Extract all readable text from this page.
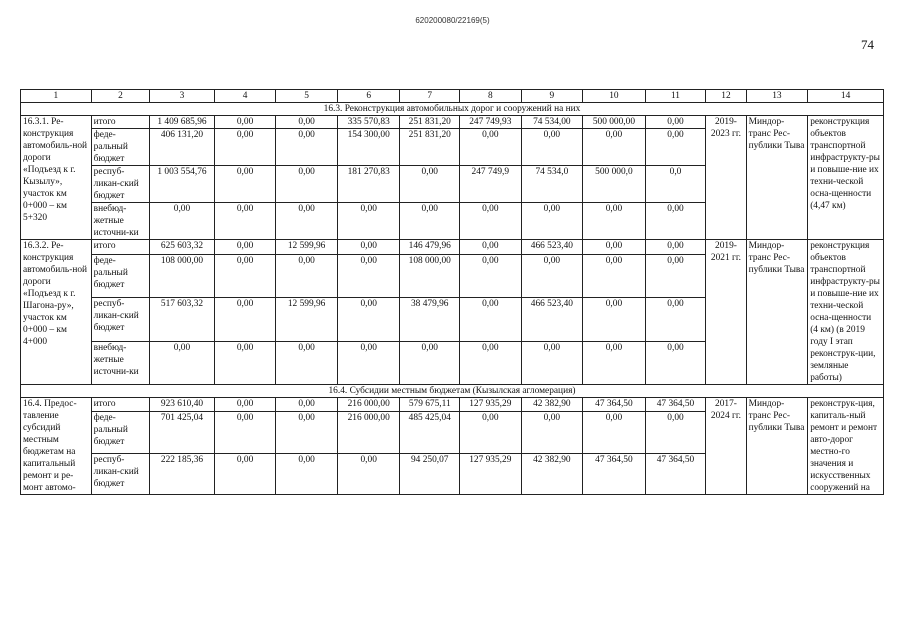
620200080/22169(5)
74
1	2	3	4	5	6	7	8	9	10	11	12	13	14
16.3. Реконструкция автомобильных дорог и сооружений на них													
16.3.1. Ре-конструкция автомобиль-ной дороги «Подъезд к г. Кызылу», участок км 0+000 – км 5+320	итого	1 409 685,96	0,00	0,00	335 570,83	251 831,20	247 749,93	74 534,00	500 000,00	0,00	2019-2023 гг.	Миндор-транс Рес-публики Тыва	реконструкция объектов транспортной инфраструкту-ры и повыше-ние их техни-ческой осна-щенности (4,47 км)
	феде-ральный бюджет	406 131,20	0,00	0,00	154 300,00	251 831,20	0,00	0,00	0,00	0,00			
	респуб-ликан-ский бюджет	1 003 554,76	0,00	0,00	181 270,83	0,00	247 749,9	74 534,0	500 000,0	0,0			
	внебюд-жетные источни-ки	0,00	0,00	0,00	0,00	0,00	0,00	0,00	0,00	0,00			
16.3.2. Ре-конструкция автомобиль-ной дороги «Подъезд к г. Шагона-ру», участок км 0+000 – км 4+000	итого	625 603,32	0,00	12 599,96	0,00	146 479,96	0,00	466 523,40	0,00	0,00	2019-2021 гг.	Миндор-транс Рес-публики Тыва	реконструкция объектов транспортной инфраструкту-ры и повыше-ние их техни-ческой осна-щенности (4 км) (в 2019 году I этап реконструк-ции, земляные работы)
	феде-ральный бюджет	108 000,00	0,00	0,00	0,00	108 000,00	0,00	0,00	0,00	0,00			
	респуб-ликан-ский бюджет	517 603,32	0,00	12 599,96	0,00	38 479,96	0,00	466 523,40	0,00	0,00			
	внебюд-жетные источни-ки	0,00	0,00	0,00	0,00	0,00	0,00	0,00	0,00	0,00			
16.4. Субсидии местным бюджетам (Кызылская агломерация)													
16.4. Предос-тавление субсидий местным бюджетам на капитальный ремонт и ре-монт автомо-	итого	923 610,40	0,00	0,00	216 000,00	579 675,11	127 935,29	42 382,90	47 364,50	47 364,50	2017-2024 гг.	Миндор-транс Рес-публики Тыва	реконструк-ция, капиталь-ный ремонт и ремонт авто-дорог местно-го значения и искусственных сооружений на
	феде-ральный бюджет	701 425,04	0,00	0,00	216 000,00	485 425,04	0,00	0,00	0,00	0,00			
	респуб-ликан-ский бюджет	222 185,36	0,00	0,00	0,00	94 250,07	127 935,29	42 382,90	47 364,50	47 364,50			
